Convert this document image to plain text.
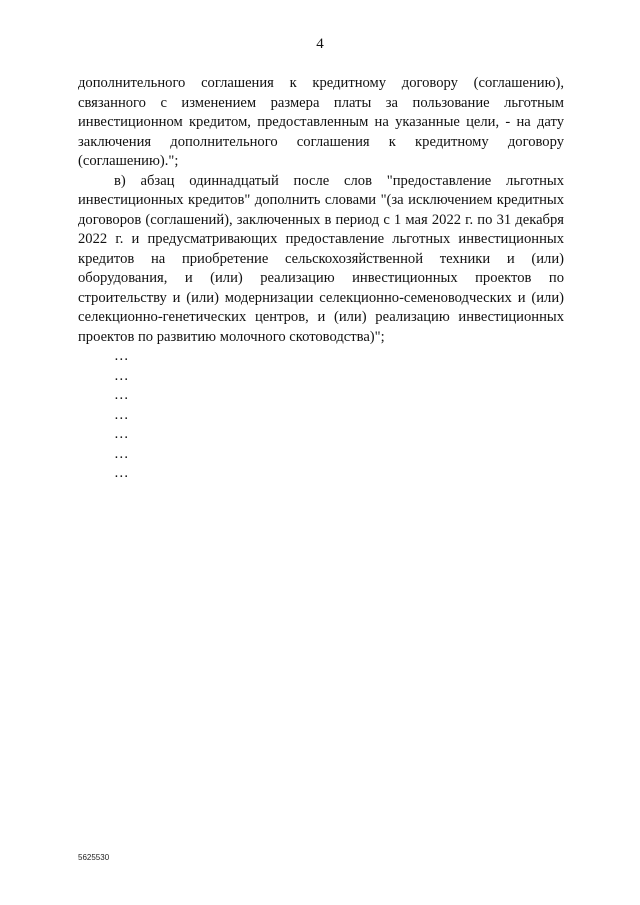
4

дополнительного соглашения к кредитному договору (соглашению), связанного с изменением размера платы за пользование льготным инвестиционном кредитом, предоставленным на указанные цели, - на дату заключения дополнительного соглашения к кредитному договору (соглашению).";

в) абзац одиннадцатый после слов "предоставление льготных инвестиционных кредитов" дополнить словами "(за исключением кредитных договоров (соглашений), заключенных в период с 1 мая 2022 г. по 31 декабря 2022 г. и предусматривающих предоставление льготных инвестиционных кредитов на приобретение сельскохозяйственной техники и (или) оборудования, и (или) реализацию инвестиционных проектов по строительству и (или) модернизации селекционно-семеноводческих и (или) селекционно-генетических центров, и (или) реализацию инвестиционных проектов по развитию молочного скотоводства)";

…

…

…

…

…

…

…

5625530
